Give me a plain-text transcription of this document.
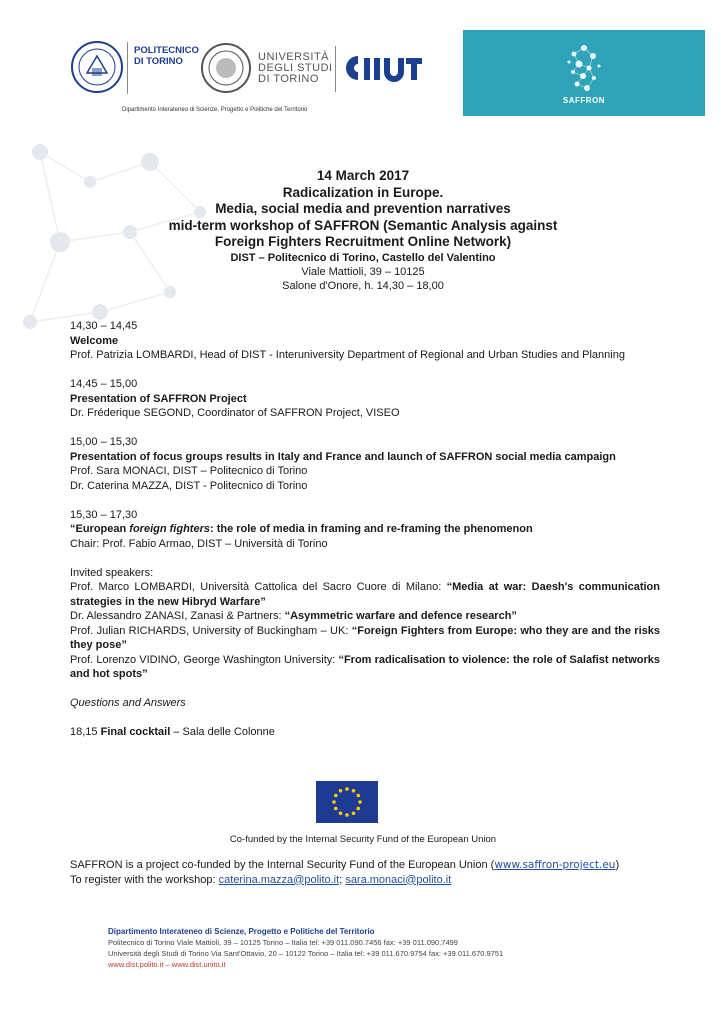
POLITECNICO
DI TORINO	UNIVERSITÀ
DEGLI STUDI
DI TORINO
Dipartimento Interateneo di Scienze, Progetto e Politiche del Territorio
SAFFRON
14 March 2017
Radicalization in Europe.
Media, social media and prevention narratives
mid-term workshop of SAFFRON (Semantic Analysis against
Foreign Fighters Recruitment Online Network)
DIST – Politecnico di Torino, Castello del Valentino
Viale Mattioli, 39 – 10125
Salone d'Onore, h. 14,30 – 18,00

14,30 – 14,45

Welcome

Prof. Patrizia LOMBARDI, Head of DIST - Interuniversity Department of Regional and Urban Studies and Planning

14,45 – 15,00

Presentation of SAFFRON Project

Dr. Fréderique SEGOND, Coordinator of SAFFRON Project, VISEO

15,00 – 15,30

Presentation of focus groups results in Italy and France and launch of SAFFRON social media campaign

Prof. Sara MONACI, DIST – Politecnico di Torino

Dr. Caterina MAZZA, DIST - Politecnico di Torino

15,30 – 17,30

“European foreign fighters: the role of media in framing and re-framing the phenomenon

Chair: Prof. Fabio Armao, DIST – Università di Torino

Invited speakers:

Prof. Marco LOMBARDI, Università Cattolica del Sacro Cuore di Milano: “Media at war: Daesh's communication strategies in the new Hibryd Warfare”

Dr. Alessandro ZANASI, Zanasi & Partners: “Asymmetric warfare and defence research”

Prof. Julian RICHARDS, University of Buckingham – UK: “Foreign Fighters from Europe: who they are and the risks they pose”

Prof. Lorenzo VIDINO, George Washington University: “From radicalisation to violence: the role of Salafist networks and hot spots”

Questions and Answers

18,15 Final cocktail – Sala delle Colonne

Co-funded by the Internal Security Fund of the European Union
SAFFRON is a project co-funded by the Internal Security Fund of the European Union (www.saffron-project.eu)
To register with the workshop: caterina.mazza@polito.it; sara.monaci@polito.it
Dipartimento Interateneo di Scienze, Progetto e Politiche del Territorio
Politecnico di Torino Viale Mattioli, 39 – 10125 Torino – Italia tel: +39 011.090.7456 fax: +39 011.090.7499
Università degli Studi di Torino Via Sant'Ottavio, 20 – 10122 Torino – Italia tel: +39 011.670.9754 fax: +39 011.670.9751
www.dist.polito.it – www.dist.unito.it
